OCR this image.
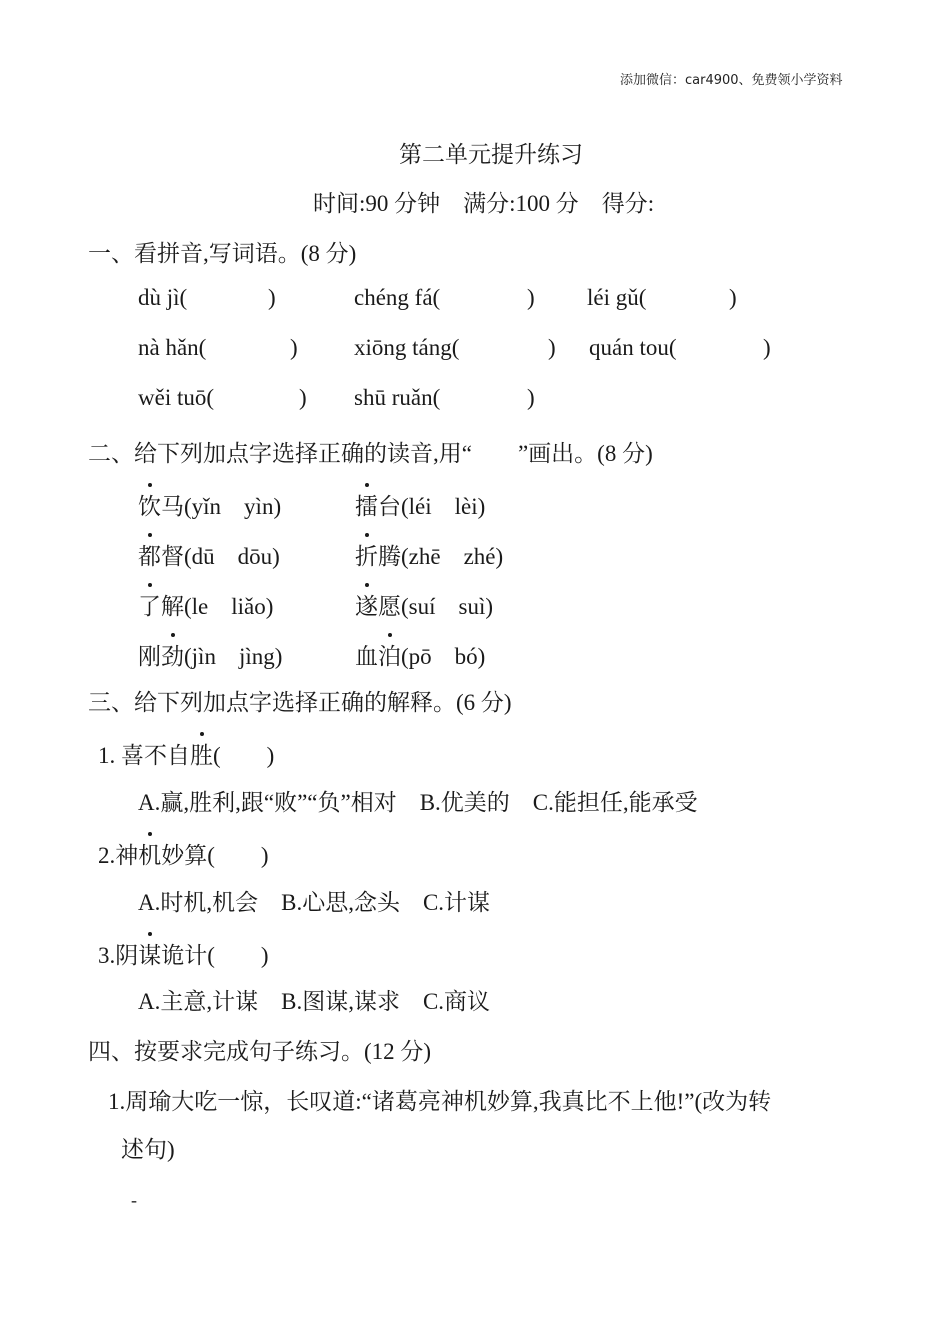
添加微信：car4900、免费领小学资料
第二单元提升练习
时间:90 分钟　满分:100 分　得分:
一、看拼音,写词语。(8 分)
dù jì(	)	chéng fá(	) léi gǔ(	)
nà hǎn(	) xiōng táng(	) quán tou(	)
wěi tuō(	) shū ruǎn(	)
二、给下列加点字选择正确的读音,用“　　”画出。(8 分)
饮马(yǐn　yìn)	擂台(léi　lèi)
都督(dū　dōu)	折腾(zhē　zhé)
了解(le　liǎo)	遂愿(suí　suì)
刚劲(jìn　jìng)	血泊(pō　bó)
三、给下列加点字选择正确的解释。(6 分)
1. 喜不自胜(　　)
A.赢,胜利,跟“败”“负”相对　B.优美的　C.能担任,能承受
2.神机妙算(　　)
A.时机,机会　B.心思,念头　C.计谋
3.阴谋诡计(　　)
A.主意,计谋　B.图谋,谋求　C.商议
四、按要求完成句子练习。(12 分)
1.周瑜大吃一惊，长叹道:“诸葛亮神机妙算,我真比不上他!”(改为转
述句)
-
